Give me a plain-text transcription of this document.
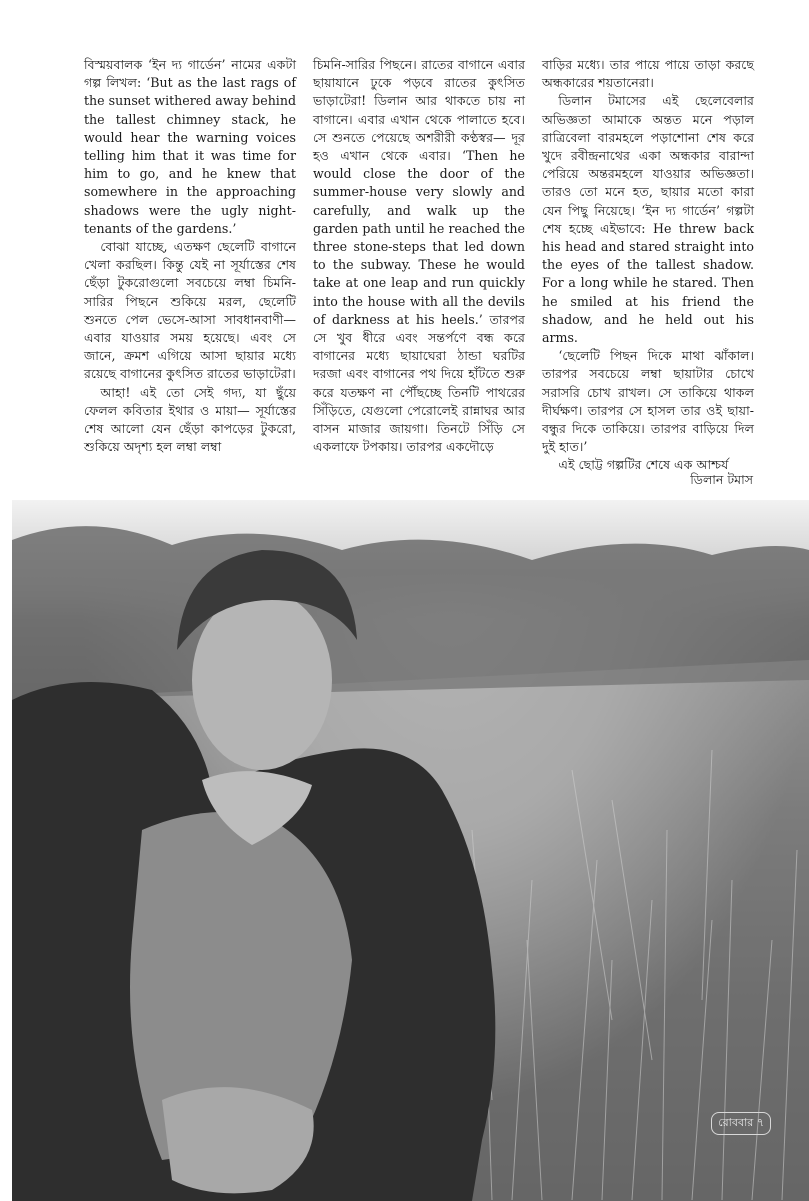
বিস্ময়বালক ‘ইন দ্য গার্ডেন’ নামের একটা গল্প লিখল: ‘But as the last rags of the sunset withered away behind the tallest chimney stack, he would hear the warning voices telling him that it was time for him to go, and he knew that somewhere in the approaching shadows were the ugly night-tenants of the gardens.’

বোঝা যাচ্ছে, এতক্ষণ ছেলেটি বাগানে খেলা করছিল। কিন্তু যেই না সূর্যাস্তের শেষ ছেঁড়া টুকরোগুলো সবচেয়ে লম্বা চিমনি-সারির পিছনে শুকিয়ে মরল, ছেলেটি শুনতে পেল ভেসে-আসা সাবধানবাণী— এবার যাওয়ার সময় হয়েছে। এবং সে জানে, ক্রমশ এগিয়ে আসা ছায়ার মধ্যে রয়েছে বাগানের কুৎসিত রাতের ভাড়াটেরা।

আহা! এই তো সেই গদ্য, যা ছুঁয়ে ফেলল কবিতার ইথার ও মায়া— সূর্যাস্তের শেষ আলো যেন ছেঁড়া কাপড়ের টুকরো, শুকিয়ে অদৃশ্য হল লম্বা লম্বা

চিমনি-সারির পিছনে। রাতের বাগানে এবার ছায়াযানে ঢুকে পড়বে রাতের কুৎসিত ভাড়াটেরা! ডিলান আর থাকতে চায় না বাগানে। এবার এখান থেকে পালাতে হবে। সে শুনতে পেয়েছে অশরীরী কণ্ঠস্বর— দূর হও এখান থেকে এবার। ‘Then he would close the door of the summer-house very slowly and carefully, and walk up the garden path until he reached the three stone-steps that led down to the subway. These he would take at one leap and run quickly into the house with all the devils of darkness at his heels.’ তারপর সে খুব ধীরে এবং সন্তর্পণে বন্ধ করে বাগানের মধ্যে ছায়াঘেরা ঠান্ডা ঘরটির দরজা এবং বাগানের পথ দিয়ে হাঁটতে শুরু করে যতক্ষণ না পৌঁছচ্ছে তিনটি পাথরের সিঁড়িতে, যেগুলো পেরোলেই রান্নাঘর আর বাসন মাজার জায়গা। তিনটে সিঁড়ি সে একলাফে টপকায়। তারপর একদৌড়ে

বাড়ির মধ্যে। তার পায়ে পায়ে তাড়া করছে অন্ধকারের শয়তানেরা।

ডিলান টমাসের এই ছেলেবেলার অভিজ্ঞতা আমাকে অন্তত মনে পড়াল রাত্রিবেলা বারমহলে পড়াশোনা শেষ করে খুদে রবীন্দ্রনাথের একা অন্ধকার বারান্দা পেরিয়ে অন্তরমহলে যাওয়ার অভিজ্ঞতা। তারও তো মনে হত, ছায়ার মতো কারা যেন পিছু নিয়েছে। ‘ইন দ্য গার্ডেন’ গল্পটা শেষ হচ্ছে এইভাবে: He threw back his head and stared straight into the eyes of the tallest shadow. For a long while he stared. Then he smiled at his friend the shadow, and he held out his arms.

‘ছেলেটি পিছন দিকে মাথা ঝাঁকাল। তারপর সবচেয়ে লম্বা ছায়াটার চোখে সরাসরি চোখ রাখল। সে তাকিয়ে থাকল দীর্ঘক্ষণ। তারপর সে হাসল তার ওই ছায়া-বন্ধুর দিকে তাকিয়ে। তারপর বাড়িয়ে দিল দুই হাত।’

এই ছোট্ট গল্পটির শেষে এক আশ্চর্য

ডিলান টমাস
রোববার ৭
